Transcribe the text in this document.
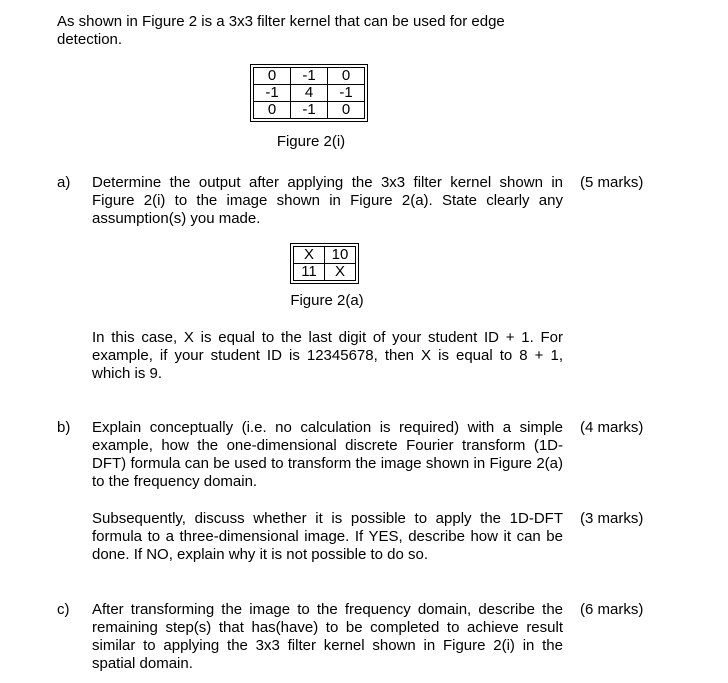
As shown in Figure 2 is a 3x3 filter kernel that can be used for edge detection.
0	-1	0
-1	4	-1
0	-1	0
Figure 2(i)
a) Determine the output after applying the 3x3 filter kernel shown in Figure 2(i) to the image shown in Figure 2(a). State clearly any assumption(s) you made.
(5 marks)
X	10
11	X
Figure 2(a)
In this case, X is equal to the last digit of your student ID + 1. For example, if your student ID is 12345678, then X is equal to 8 + 1, which is 9.
b) Explain conceptually (i.e. no calculation is required) with a simple example, how the one-dimensional discrete Fourier transform (1D-DFT) formula can be used to transform the image shown in Figure 2(a) to the frequency domain.
(4 marks)
Subsequently, discuss whether it is possible to apply the 1D-DFT formula to a three-dimensional image. If YES, describe how it can be done. If NO, explain why it is not possible to do so.
(3 marks)
c) After transforming the image to the frequency domain, describe the remaining step(s) that has(have) to be completed to achieve result similar to applying the 3x3 filter kernel shown in Figure 2(i) in the spatial domain.
(6 marks)
